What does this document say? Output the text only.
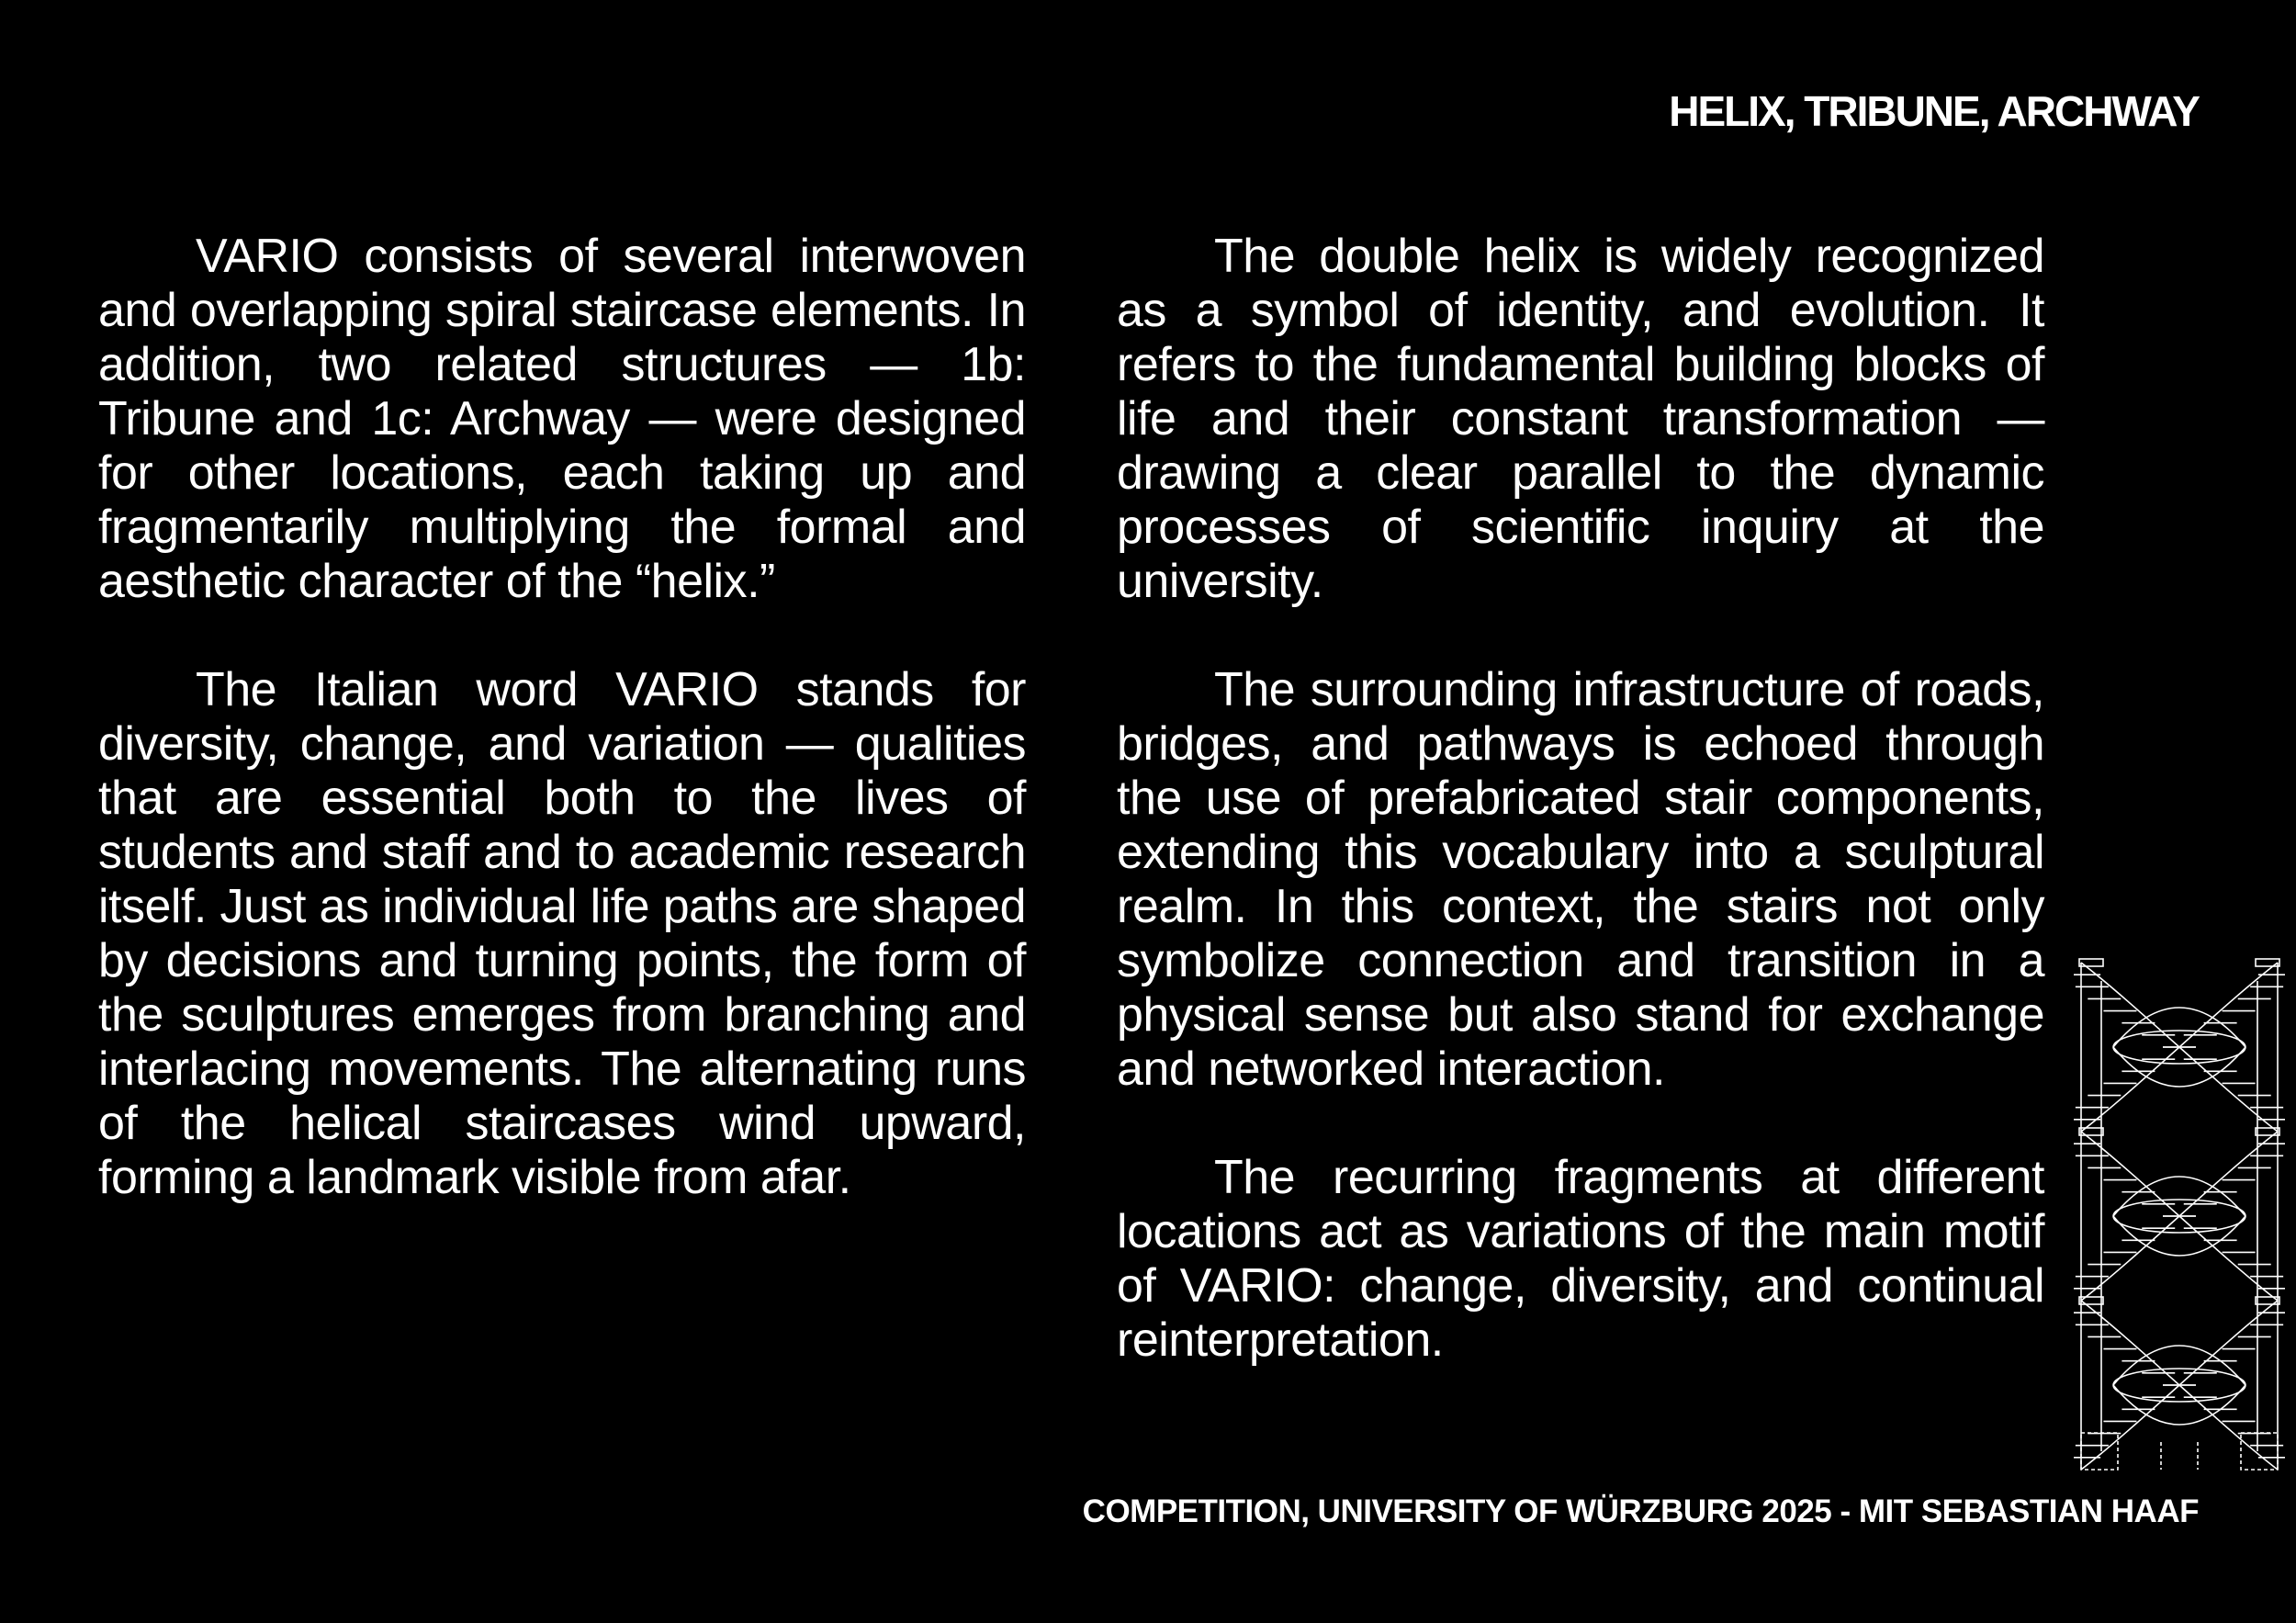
HELIX, TRIBUNE, ARCHWAY

VARIO consists of several interwoven and overlapping spiral staircase elements. In addition, two related structures — 1b: Tribune and 1c: Archway — were designed for other locations, each taking up and fragmentarily multiplying the formal and aesthetic character of the “helix.”

The Italian word VARIO stands for diversity, change, and variation — qualities that are essential both to the lives of students and staff and to academic research itself. Just as individual life paths are shaped by decisions and turning points, the form of the sculptures emerges from branching and interlacing movements. The alternating runs of the helical staircases wind upward, forming a landmark visible from afar.

The double helix is widely recognized as a symbol of identity, and evolution. It refers to the fundamental building blocks of life and their constant transformation — drawing a clear parallel to the dynamic processes of scientific inquiry at the university.

The surrounding infrastructure of roads, bridges, and pathways is echoed through the use of prefabricated stair components, extending this vocabulary into a sculptural realm. In this context, the stairs not only symbolize connection and transition in a physical sense but also stand for exchange and networked interaction.

The recurring fragments at different locations act as variations of the main motif of VARIO: change, diversity, and continual reinterpretation.

COMPETITION, UNIVERSITY OF WÜRZBURG 2025 - MIT SEBASTIAN HAAF
